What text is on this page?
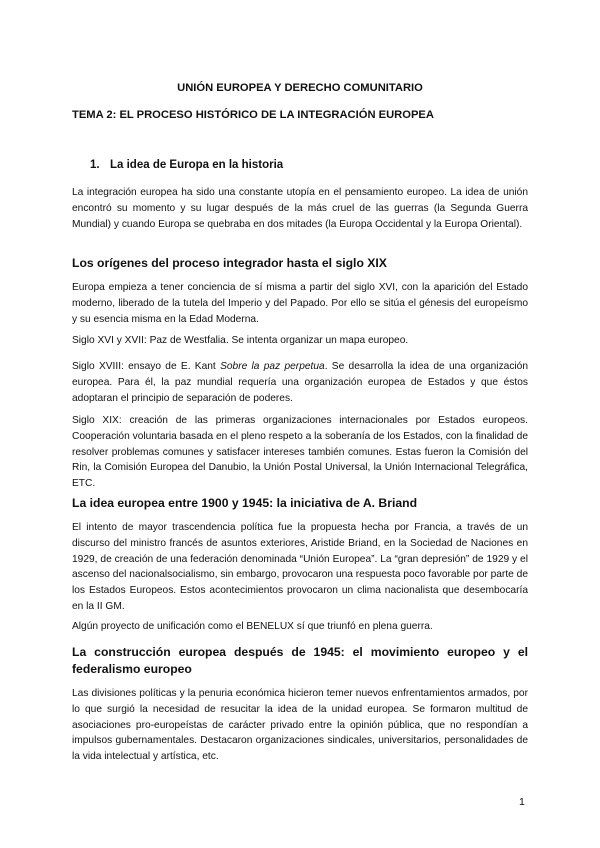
UNIÓN EUROPEA Y DERECHO COMUNITARIO
TEMA 2: EL PROCESO HISTÓRICO DE LA INTEGRACIÓN EUROPEA
1. La idea de Europa en la historia

La integración europea ha sido una constante utopía en el pensamiento europeo. La idea de unión encontró su momento y su lugar después de la más cruel de las guerras (la Segunda Guerra Mundial) y cuando Europa se quebraba en dos mitades (la Europa Occidental y la Europa Oriental).

Los orígenes del proceso integrador hasta el siglo XIX

Europa empieza a tener conciencia de sí misma a partir del siglo XVI, con la aparición del Estado moderno, liberado de la tutela del Imperio y del Papado. Por ello se sitúa el génesis del europeísmo y su esencia misma en la Edad Moderna.

Siglo XVI y XVII: Paz de Westfalia. Se intenta organizar un mapa europeo.

Siglo XVIII: ensayo de E. Kant Sobre la paz perpetua. Se desarrolla la idea de una organización europea. Para él, la paz mundial requería una organización europea de Estados y que éstos adoptaran el principio de separación de poderes.

Siglo XIX: creación de las primeras organizaciones internacionales por Estados europeos. Cooperación voluntaria basada en el pleno respeto a la soberanía de los Estados, con la finalidad de resolver problemas comunes y satisfacer intereses también comunes. Estas fueron la Comisión del Rin, la Comisión Europea del Danubio, la Unión Postal Universal, la Unión Internacional Telegráfica, ETC.

La idea europea entre 1900 y 1945: la iniciativa de A. Briand

El intento de mayor trascendencia política fue la propuesta hecha por Francia, a través de un discurso del ministro francés de asuntos exteriores, Aristide Briand, en la Sociedad de Naciones en 1929, de creación de una federación denominada “Unión Europea”. La “gran depresión” de 1929 y el ascenso del nacionalsocialismo, sin embargo, provocaron una respuesta poco favorable por parte de los Estados Europeos. Estos acontecimientos provocaron un clima nacionalista que desembocaría en la II GM.

Algún proyecto de unificación como el BENELUX sí que triunfó en plena guerra.

La construcción europea después de 1945: el movimiento europeo y el federalismo europeo

Las divisiones políticas y la penuria económica hicieron temer nuevos enfrentamientos armados, por lo que surgió la necesidad de resucitar la idea de la unidad europea. Se formaron multitud de asociaciones pro-europeístas de carácter privado entre la opinión pública, que no respondían a impulsos gubernamentales. Destacaron organizaciones sindicales, universitarios, personalidades de la vida intelectual y artística, etc.

1
